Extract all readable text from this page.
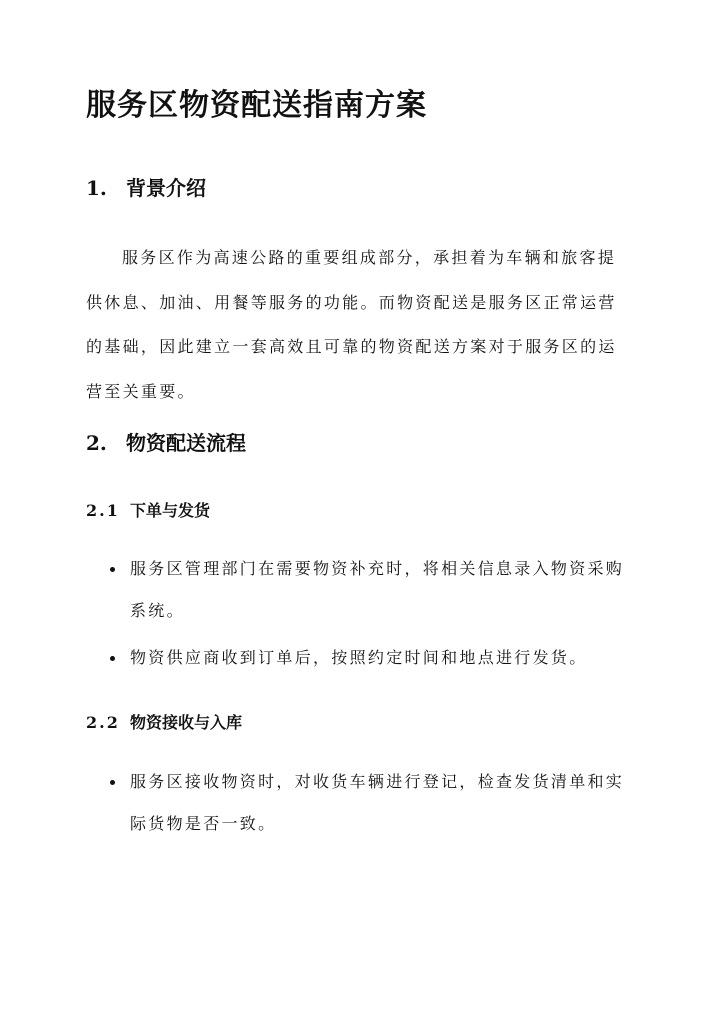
服务区物资配送指南方案
1. 背景介绍

服务区作为高速公路的重要组成部分，承担着为车辆和旅客提供休息、加油、用餐等服务的功能。而物资配送是服务区正常运营的基础，因此建立一套高效且可靠的物资配送方案对于服务区的运营至关重要。

2. 物资配送流程
2.1 下单与发货
服务区管理部门在需要物资补充时，将相关信息录入物资采购系统。
物资供应商收到订单后，按照约定时间和地点进行发货。
2.2 物资接收与入库
服务区接收物资时，对收货车辆进行登记，检查发货清单和实际货物是否一致。
